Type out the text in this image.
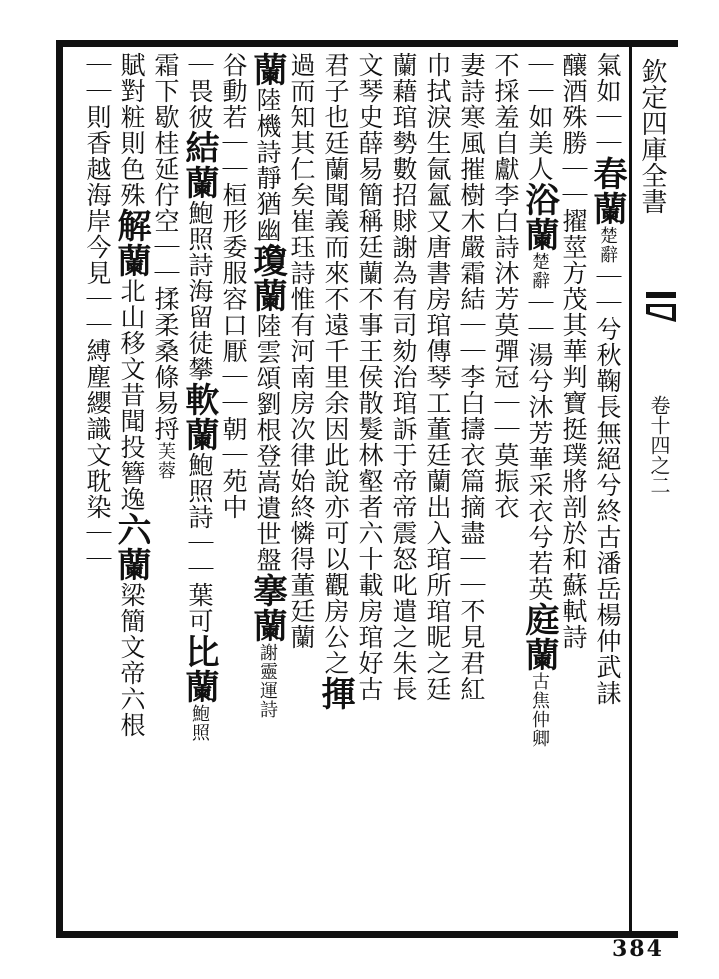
欽定四庫全書
卷十四之二
氣如｜｜春蘭楚辭｜｜兮秋鞠長無絕兮終古潘岳楊仲武誄
釀酒殊勝｜｜擢莖方茂其華判寶挺璞將剖於和蘇軾詩
｜｜如美人浴蘭楚辭｜｜湯兮沐芳華采衣兮若英庭蘭古焦仲卿
不採羞自獻李白詩沐芳莫彈冠｜｜莫振衣
妻詩寒風摧樹木嚴霜結｜｜李白擣衣篇摘盡｜｜不見君紅
巾拭淚生氤氳又唐書房琯傳琴工董廷蘭出入琯所琯昵之廷
蘭藉琯勢數招賕謝為有司劾治琯訴于帝帝震怒叱遣之朱長
文琴史薛易簡稱廷蘭不事王侯散髮林壑者六十載房琯好古
君子也廷蘭聞義而來不遠千里余因此說亦可以觀房公之揮
過而知其仁矣崔珏詩惟有河南房次律始終憐得董廷蘭
蘭陸機詩靜猶幽瓊蘭陸雲頌劉根登嵩遺世盤搴蘭謝靈運詩
谷動若｜｜桓形委服容口厭｜｜朝｜苑中
｜畏彼結蘭鮑照詩海留徒攀軟蘭鮑照詩｜｜葉可比蘭鮑照
霜下歇桂延佇空｜｜揉柔桑條易捋芙蓉
賦對粧則色殊解蘭北山移文昔聞投簪逸六蘭梁簡文帝六根
｜｜則香越海岸今見｜｜縛塵纓識文耽染｜｜
384
